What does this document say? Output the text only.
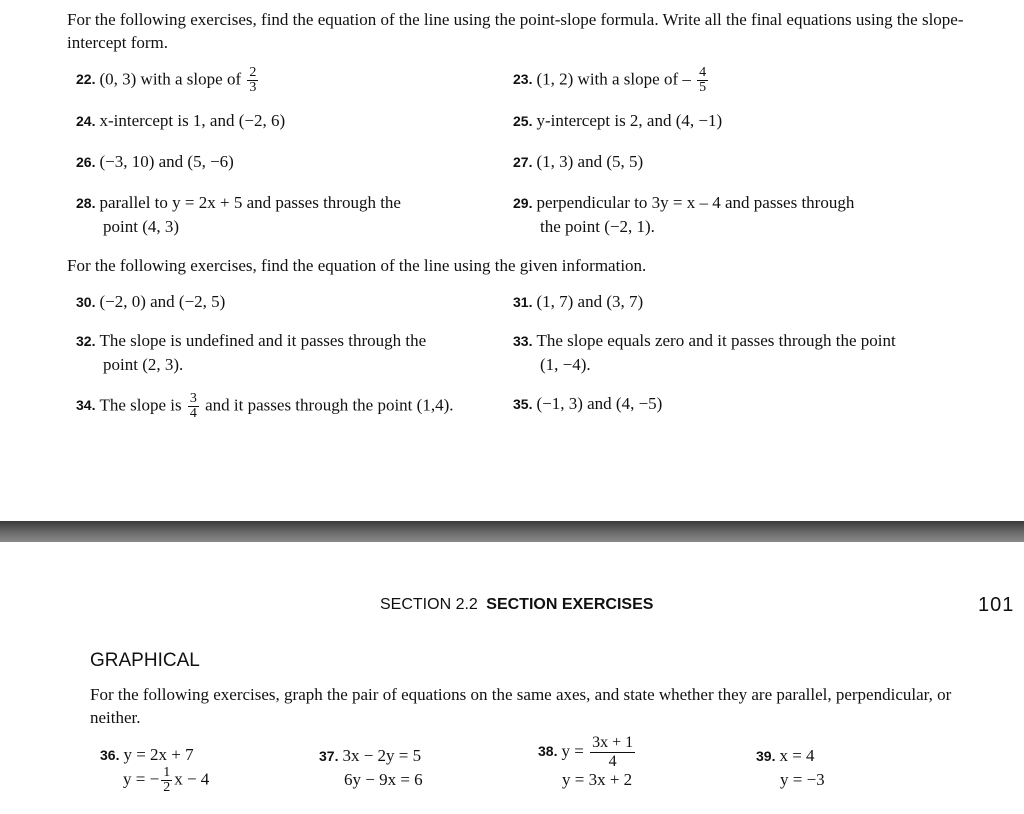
For the following exercises, find the equation of the line using the point-slope formula. Write all the final equations using the slope-intercept form.
22. (0, 3) with a slope of $\frac{2}{3}$	23. (1, 2) with a slope of – $\frac{4}{5}$
24. x-intercept is 1, and (−2, 6)	25. y-intercept is 2, and (4, −1)
26. (−3, 10) and (5, −6)	27. (1, 3) and (5, 5)
28. parallel to y = 2x + 5 and passes through the
point (4, 3)
29. perpendicular to 3y = x – 4 and passes through
the point (−2, 1).
For the following exercises, find the equation of the line using the given information.
30. (−2, 0) and (−2, 5)	31. (1, 7) and (3, 7)
32. The slope is undefined and it passes through the
point (2, 3).
33. The slope equals zero and it passes through the point
(1, −4).
34. The slope is $\frac{3}{4}$ and it passes through the point (1,4).	35. (−1, 3) and (4, −5)
SECTION 2.2 SECTION EXERCISES	101
GRAPHICAL
For the following exercises, graph the pair of equations on the same axes, and state whether they are parallel, perpendicular, or neither.
36. y = 2x + 7
y = − $\frac{1}{2}$ x − 4
37. 3x − 2y = 5
6y − 9x = 6
38. $y = \frac{3x + 1}{4}$
y = 3x + 2
39. x = 4
y = −3
